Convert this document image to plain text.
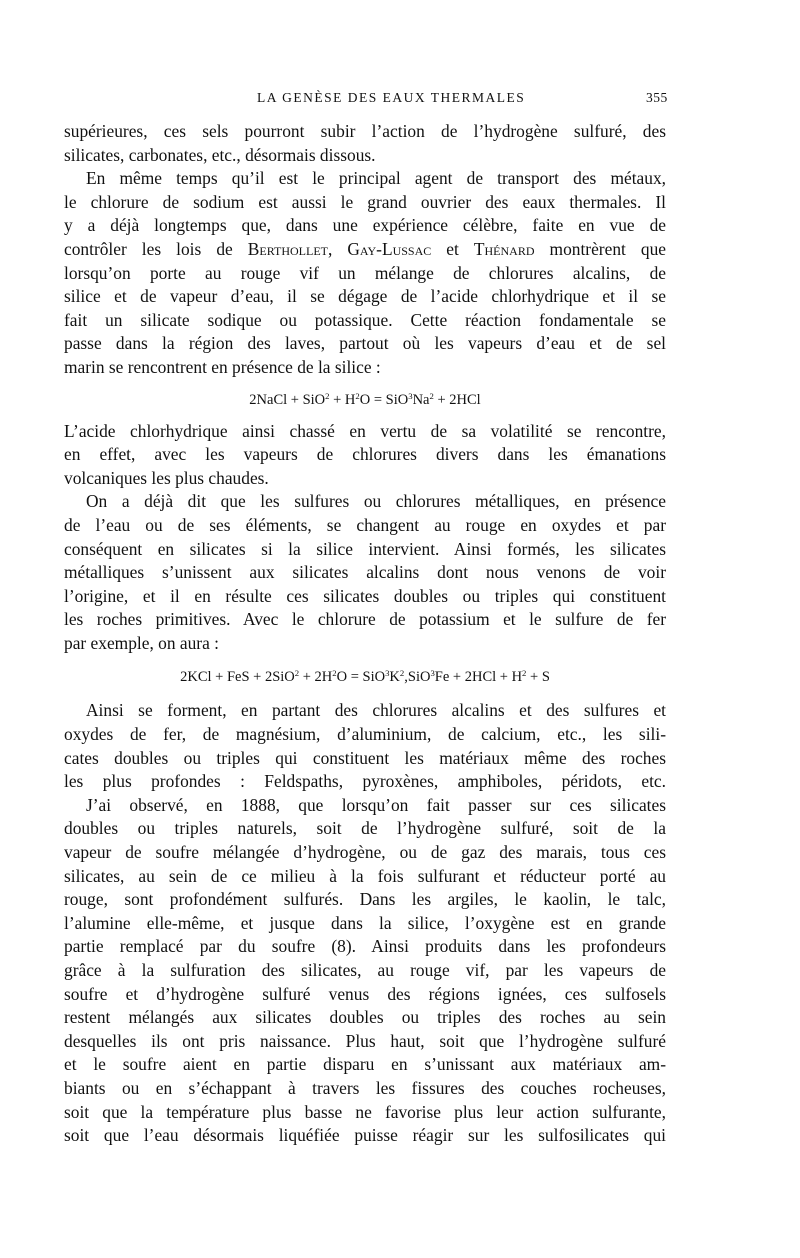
LA GENÈSE DES EAUX THERMALES	355
supérieures, ces sels pourront subir l’action de l’hydrogène sulfuré, des
silicates, carbonates, etc., désormais dissous.
En même temps qu’il est le principal agent de transport des métaux,
le chlorure de sodium est aussi le grand ouvrier des eaux thermales. Il
y a déjà longtemps que, dans une expérience célèbre, faite en vue de
contrôler les lois de Berthollet, Gay-Lussac et Thénard montrèrent que
lorsqu’on porte au rouge vif un mélange de chlorures alcalins, de
silice et de vapeur d’eau, il se dégage de l’acide chlorhydrique et il se
fait un silicate sodique ou potassique. Cette réaction fondamentale se
passe dans la région des laves, partout où les vapeurs d’eau et de sel
marin se rencontrent en présence de la silice :
2NaCl + $SiO^2 + H^2O = SiO^3Na^2 + 2HCl$
L’acide chlorhydrique ainsi chassé en vertu de sa volatilité se rencontre,
en effet, avec les vapeurs de chlorures divers dans les émanations
volcaniques les plus chaudes.
On a déjà dit que les sulfures ou chlorures métalliques, en présence
de l’eau ou de ses éléments, se changent au rouge en oxydes et par
conséquent en silicates si la silice intervient. Ainsi formés, les silicates
métalliques s’unissent aux silicates alcalins dont nous venons de voir
l’origine, et il en résulte ces silicates doubles ou triples qui constituent
les roches primitives. Avec le chlorure de potassium et le sulfure de fer
par exemple, on aura :
2KCl + FeS + $2SiO^2 + 2H^2O = SiO^3K^2,SiO^3Fe + 2HCl + H^2 + S$
Ainsi se forment, en partant des chlorures alcalins et des sulfures et
oxydes de fer, de magnésium, d’aluminium, de calcium, etc., les sili-
cates doubles ou triples qui constituent les matériaux même des roches
les plus profondes : Feldspaths, pyroxènes, amphiboles, péridots, etc.
J’ai observé, en 1888, que lorsqu’on fait passer sur ces silicates
doubles ou triples naturels, soit de l’hydrogène sulfuré, soit de la
vapeur de soufre mélangée d’hydrogène, ou de gaz des marais, tous ces
silicates, au sein de ce milieu à la fois sulfurant et réducteur porté au
rouge, sont profondément sulfurés. Dans les argiles, le kaolin, le talc,
l’alumine elle-même, et jusque dans la silice, l’oxygène est en grande
partie remplacé par du soufre (8). Ainsi produits dans les profondeurs
grâce à la sulfuration des silicates, au rouge vif, par les vapeurs de
soufre et d’hydrogène sulfuré venus des régions ignées, ces sulfosels
restent mélangés aux silicates doubles ou triples des roches au sein
desquelles ils ont pris naissance. Plus haut, soit que l’hydrogène sulfuré
et le soufre aient en partie disparu en s’unissant aux matériaux am-
biants ou en s’échappant à travers les fissures des couches rocheuses,
soit que la température plus basse ne favorise plus leur action sulfurante,
soit que l’eau désormais liquéfiée puisse réagir sur les sulfosilicates qui
